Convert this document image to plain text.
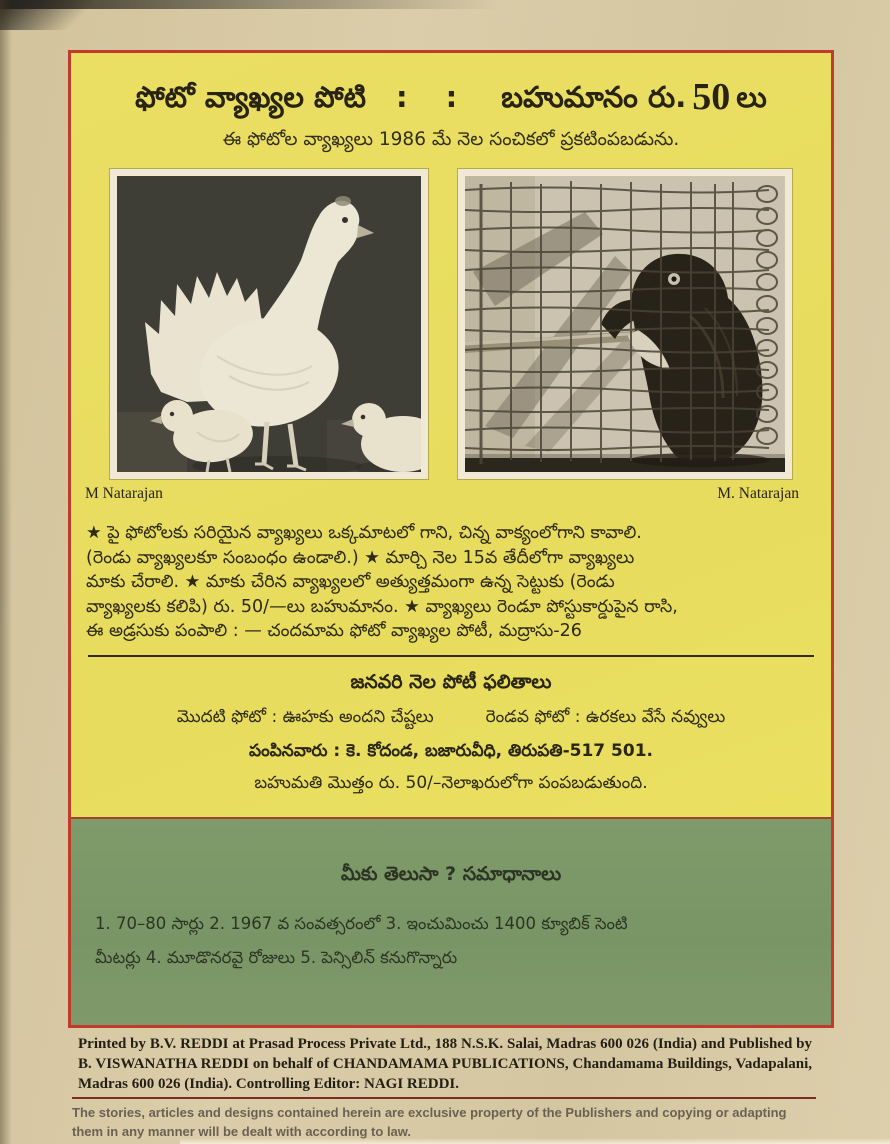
ఫోటో వ్యాఖ్యల పోటి : : బహుమానం రు. 50 లు
ఈ ఫోటోల వ్యాఖ్యలు 1986 మే నెల సంచికలో ప్రకటింపబడును.
M Natarajan	M. Natarajan
★ పై ఫోటోలకు సరియైన వ్యాఖ్యలు ఒక్కమాటలో గాని, చిన్న వాక్యంలోగాని కావాలి.
(రెండు వ్యాఖ్యలకూ సంబంధం ఉండాలి.) ★ మార్చి నెల 15వ తేదీలోగా వ్యాఖ్యలు
మాకు చేరాలి. ★ మాకు చేరిన వ్యాఖ్యలలో అత్యుత్తమంగా ఉన్న సెట్టుకు (రెండు
వ్యాఖ్యలకు కలిపి) రు. 50/—లు బహుమానం. ★ వ్యాఖ్యలు రెండూ పోస్టుకార్డుపైన రాసి,
ఈ అడ్రసుకు పంపాలి : — చందమామ ఫోటో వ్యాఖ్యల పోటీ, మద్రాసు-26
జనవరి నెల పోటీ ఫలితాలు
మొదటి ఫోటో : ఊహకు అందని చేష్టలు	రెండవ ఫోటో : ఉరకలు వేసే నవ్వులు
పంపినవారు : కె. కోదండ, బజారువీధి, తిరుపతి-517 501.
బహుమతి మొత్తం రు. 50/–నెలాఖరులోగా పంపబడుతుంది.
మీకు తెలుసా ? సమాధానాలు
1. 70–80 సార్లు 2. 1967 వ సంవత్సరంలో 3. ఇంచుమించు 1400 క్యూబిక్ సెంటి
మీటర్లు 4. మూడొనరవై రోజులు 5. పెన్సిలిన్ కనుగొన్నారు

Printed by B.V. REDDI at Prasad Process Private Ltd., 188 N.S.K. Salai, Madras 600 026 (India) and Published by B. VISWANATHA REDDI on behalf of CHANDAMAMA PUBLICATIONS, Chandamama Buildings, Vadapalani, Madras 600 026 (India). Controlling Editor: NAGI REDDI.

The stories, articles and designs contained herein are exclusive property of the Publishers and copying or adapting them in any manner will be dealt with according to law.
